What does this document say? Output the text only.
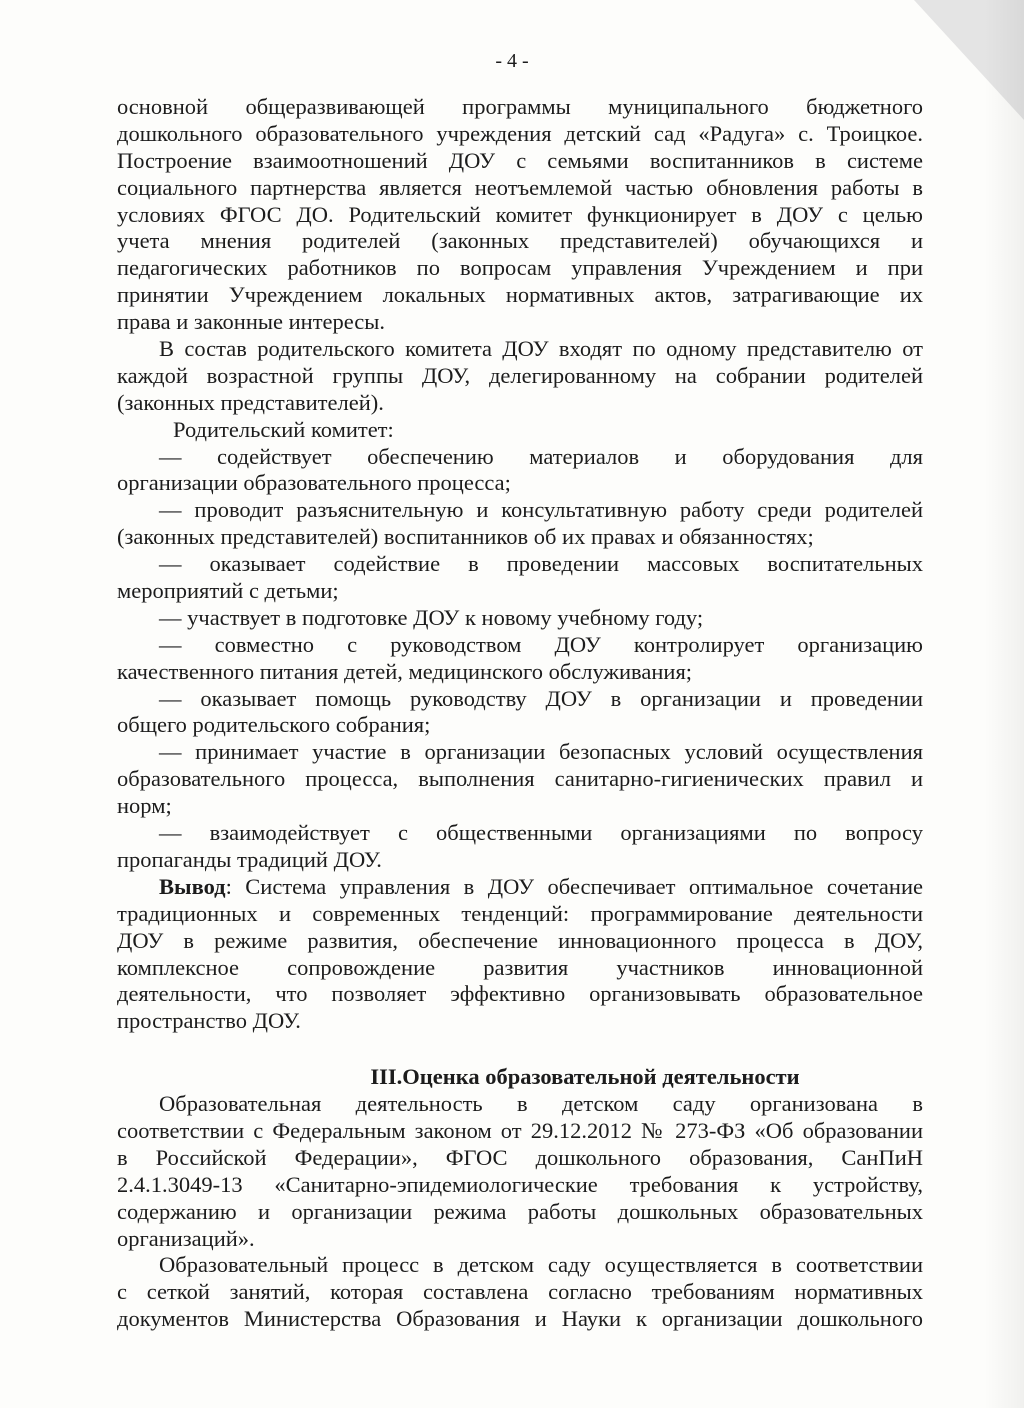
- 4 -
основной общеразвивающей программы муниципального бюджетного
дошкольного образовательного учреждения детский сад «Радуга» с. Троицкое.
Построение взаимоотношений ДОУ с семьями воспитанников в системе
социального партнерства является неотъемлемой частью обновления работы в
условиях ФГОС ДО. Родительский комитет функционирует в ДОУ с целью
учета мнения родителей (законных представителей) обучающихся и
педагогических работников по вопросам управления Учреждением и при
принятии Учреждением локальных нормативных актов, затрагивающие их
права и законные интересы.
В состав родительского комитета ДОУ входят по одному представителю от
каждой возрастной группы ДОУ, делегированному на собрании родителей
(законных представителей).
Родительский комитет:
— содействует обеспечению материалов и оборудования для
организации образовательного процесса;
— проводит разъяснительную и консультативную работу среди родителей
(законных представителей) воспитанников об их правах и обязанностях;
— оказывает содействие в проведении массовых воспитательных
мероприятий с детьми;
— участвует в подготовке ДОУ к новому учебному году;
— совместно с руководством ДОУ контролирует организацию
качественного питания детей, медицинского обслуживания;
— оказывает помощь руководству ДОУ в организации и проведении
общего родительского собрания;
— принимает участие в организации безопасных условий осуществления
образовательного процесса, выполнения санитарно-гигиенических правил и
норм;
— взаимодействует с общественными организациями по вопросу
пропаганды традиций ДОУ.
Вывод: Система управления в ДОУ обеспечивает оптимальное сочетание
традиционных и современных тенденций: программирование деятельности
ДОУ в режиме развития, обеспечение инновационного процесса в ДОУ,
комплексное сопровождение развития участников инновационной
деятельности, что позволяет эффективно организовывать образовательное
пространство ДОУ.
III.Оценка образовательной деятельности
Образовательная деятельность в детском саду организована в
соответствии с Федеральным законом от 29.12.2012 № 273-ФЗ «Об образовании
в Российской Федерации», ФГОС дошкольного образования, СанПиН
2.4.1.3049-13 «Санитарно-эпидемиологические требования к устройству,
содержанию и организации режима работы дошкольных образовательных
организаций».
Образовательный процесс в детском саду осуществляется в соответствии
с сеткой занятий, которая составлена согласно требованиям нормативных
документов Министерства Образования и Науки к организации дошкольного
